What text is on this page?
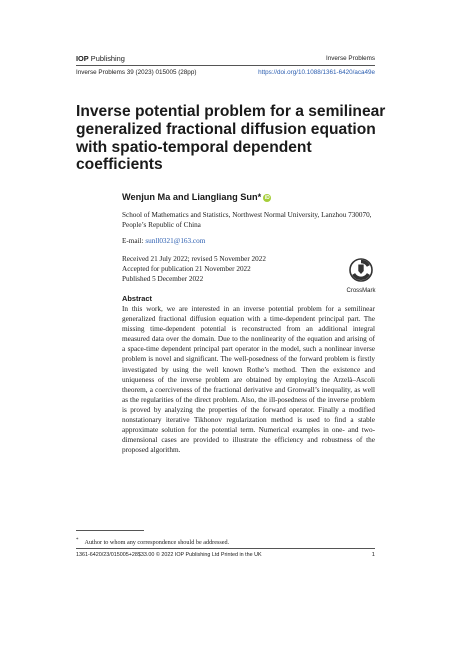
IOP Publishing	Inverse Problems
Inverse Problems 39 (2023) 015005 (28pp)	https://doi.org/10.1088/1361-6420/aca49e
Inverse potential problem for a semilinear generalized fractional diffusion equation with spatio-temporal dependent coefficients
Wenjun Ma and Liangliang Sun* iD
School of Mathematics and Statistics, Northwest Normal University, Lanzhou 730070, People’s Republic of China
E-mail: sunll0321@163.com
Received 21 July 2022; revised 5 November 2022
Accepted for publication 21 November 2022
Published 5 December 2022
CrossMark
Abstract
In this work, we are interested in an inverse potential problem for a semilinear generalized fractional diffusion equation with a time-dependent principal part. The missing time-dependent potential is reconstructed from an additional integral measured data over the domain. Due to the nonlinearity of the equation and arising of a space-time dependent principal part operator in the model, such a nonlinear inverse problem is novel and significant. The well-posedness of the forward problem is firstly investigated by using the well known Rothe’s method. Then the existence and uniqueness of the inverse problem are obtained by employing the Arzelà–Ascoli theorem, a coerciveness of the fractional derivative and Gronwall’s inequality, as well as the regularities of the direct problem. Also, the ill-posedness of the inverse problem is proved by analyzing the properties of the forward operator. Finally a modified nonstationary iterative Tikhonov regularization method is used to find a stable approximate solution for the potential term. Numerical examples in one- and two-dimensional cases are provided to illustrate the efficiency and robustness of the proposed algorithm.
* Author to whom any correspondence should be addressed.
1361-6420/23/015005+28$33.00 © 2022 IOP Publishing Ltd Printed in the UK	1
